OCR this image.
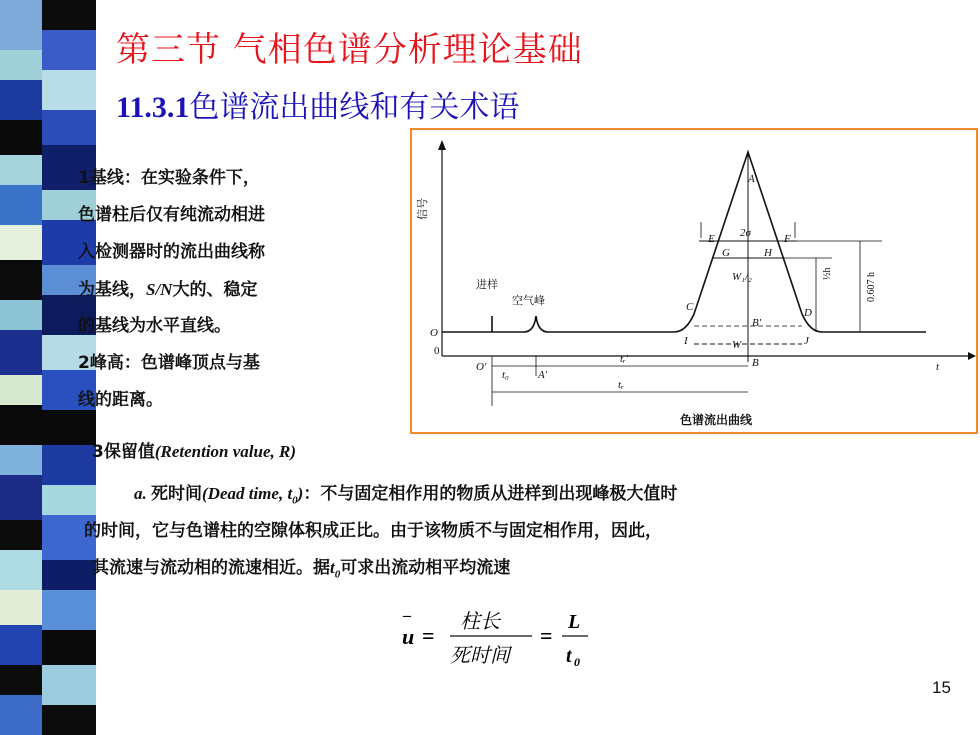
第三节 气相色谱分析理论基础
11.3.1色谱流出曲线和有关术语
1基线：在实验条件下，
色谱柱后仅有纯流动相进
入检测器时的流出曲线称
为基线，S/N大的、稳定
的基线为水平直线。
2峰高：色谱峰顶点与基
线的距离。
信号
进样
空气峰
O
0
O′
t₀	A′
tᵣ′
tᵣ
B	t
A
C	D
E	F
G	H
W₁/₂
2σ
B′
I	W	J
½h	0.607 h
色谱流出曲线
3保留值(Retention value, R)
a. 死时间(Dead time, $t_0$)：不与固定相作用的物质从进样到出现峰极大值时
的时间，它与色谱柱的空隙体积成正比。由于该物质不与固定相作用，因此，
其流速与流动相的流速相近。据$t_0$可求出流动相平均流速
–
u =
柱长
死时间
=
L
t 0
15
